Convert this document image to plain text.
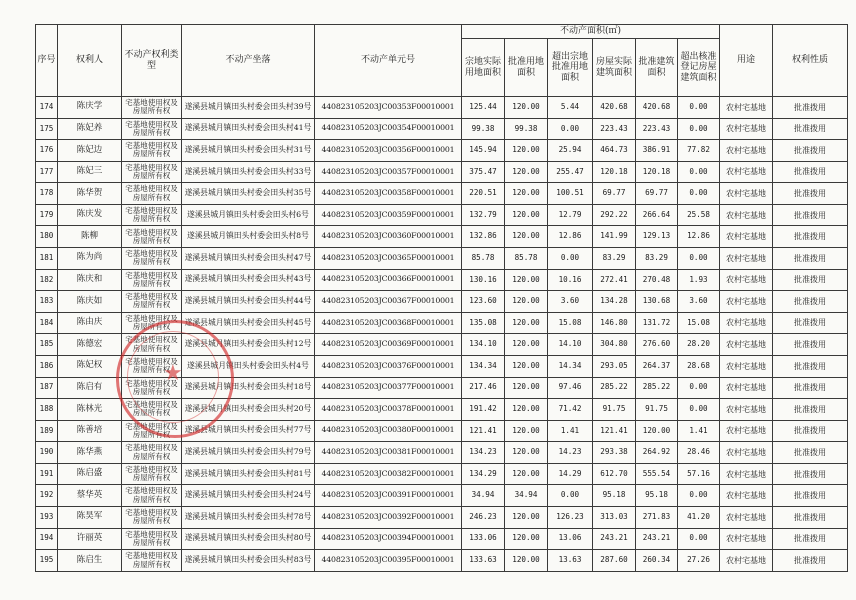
序号	权利人	不动产权利类型	不动产坐落	不动产单元号	不动产面积(㎡)						用途	权利性质
					宗地实际用地面积	批准用地面积	超出宗地批准用地面积	房屋实际建筑面积	批准建筑面积	超出核准登记房屋建筑面积		
174	陈庆学	宅基地使用权及房屋所有权	遂溪县城月镇田头村委会田头村39号	440823105203JC00353F00010001	125.44	120.00	5.44	420.68	420.68	0.00	农村宅基地	批准拨用
175	陈妃养	宅基地使用权及房屋所有权	遂溪县城月镇田头村委会田头村41号	440823105203JC00354F00010001	99.38	99.38	0.00	223.43	223.43	0.00	农村宅基地	批准拨用
176	陈妃边	宅基地使用权及房屋所有权	遂溪县城月镇田头村委会田头村31号	440823105203JC00356F00010001	145.94	120.00	25.94	464.73	386.91	77.82	农村宅基地	批准拨用
177	陈妃三	宅基地使用权及房屋所有权	遂溪县城月镇田头村委会田头村33号	440823105203JC00357F00010001	375.47	120.00	255.47	120.18	120.18	0.00	农村宅基地	批准拨用
178	陈华贺	宅基地使用权及房屋所有权	遂溪县城月镇田头村委会田头村35号	440823105203JC00358F00010001	220.51	120.00	100.51	69.77	69.77	0.00	农村宅基地	批准拨用
179	陈庆发	宅基地使用权及房屋所有权	遂溪县城月镇田头村委会田头村6号	440823105203JC00359F00010001	132.79	120.00	12.79	292.22	266.64	25.58	农村宅基地	批准拨用
180	陈柳	宅基地使用权及房屋所有权	遂溪县城月镇田头村委会田头村8号	440823105203JC00360F00010001	132.86	120.00	12.86	141.99	129.13	12.86	农村宅基地	批准拨用
181	陈为尚	宅基地使用权及房屋所有权	遂溪县城月镇田头村委会田头村47号	440823105203JC00365F00010001	85.78	85.78	0.00	83.29	83.29	0.00	农村宅基地	批准拨用
182	陈庆和	宅基地使用权及房屋所有权	遂溪县城月镇田头村委会田头村43号	440823105203JC00366F00010001	130.16	120.00	10.16	272.41	270.48	1.93	农村宅基地	批准拨用
183	陈庆如	宅基地使用权及房屋所有权	遂溪县城月镇田头村委会田头村44号	440823105203JC00367F00010001	123.60	120.00	3.60	134.28	130.68	3.60	农村宅基地	批准拨用
184	陈由庆	宅基地使用权及房屋所有权	遂溪县城月镇田头村委会田头村45号	440823105203JC00368F00010001	135.08	120.00	15.08	146.80	131.72	15.08	农村宅基地	批准拨用
185	陈德宏	宅基地使用权及房屋所有权	遂溪县城月镇田头村委会田头村12号	440823105203JC00369F00010001	134.10	120.00	14.10	304.80	276.60	28.20	农村宅基地	批准拨用
186	陈妃权	宅基地使用权及房屋所有权	遂溪县城月镇田头村委会田头村4号	440823105203JC00376F00010001	134.34	120.00	14.34	293.05	264.37	28.68	农村宅基地	批准拨用
187	陈启有	宅基地使用权及房屋所有权	遂溪县城月镇田头村委会田头村18号	440823105203JC00377F00010001	217.46	120.00	97.46	285.22	285.22	0.00	农村宅基地	批准拨用
188	陈林光	宅基地使用权及房屋所有权	遂溪县城月镇田头村委会田头村20号	440823105203JC00378F00010001	191.42	120.00	71.42	91.75	91.75	0.00	农村宅基地	批准拨用
189	陈善培	宅基地使用权及房屋所有权	遂溪县城月镇田头村委会田头村77号	440823105203JC00380F00010001	121.41	120.00	1.41	121.41	120.00	1.41	农村宅基地	批准拨用
190	陈华燕	宅基地使用权及房屋所有权	遂溪县城月镇田头村委会田头村79号	440823105203JC00381F00010001	134.23	120.00	14.23	293.38	264.92	28.46	农村宅基地	批准拨用
191	陈启盛	宅基地使用权及房屋所有权	遂溪县城月镇田头村委会田头村81号	440823105203JC00382F00010001	134.29	120.00	14.29	612.70	555.54	57.16	农村宅基地	批准拨用
192	蔡华英	宅基地使用权及房屋所有权	遂溪县城月镇田头村委会田头村24号	440823105203JC00391F00010001	34.94	34.94	0.00	95.18	95.18	0.00	农村宅基地	批准拨用
193	陈昊军	宅基地使用权及房屋所有权	遂溪县城月镇田头村委会田头村78号	440823105203JC00392F00010001	246.23	120.00	126.23	313.03	271.83	41.20	农村宅基地	批准拨用
194	许丽英	宅基地使用权及房屋所有权	遂溪县城月镇田头村委会田头村80号	440823105203JC00394F00010001	133.06	120.00	13.06	243.21	243.21	0.00	农村宅基地	批准拨用
195	陈启生	宅基地使用权及房屋所有权	遂溪县城月镇田头村委会田头村83号	440823105203JC00395F00010001	133.63	120.00	13.63	287.60	260.34	27.26	农村宅基地	批准拨用
★
